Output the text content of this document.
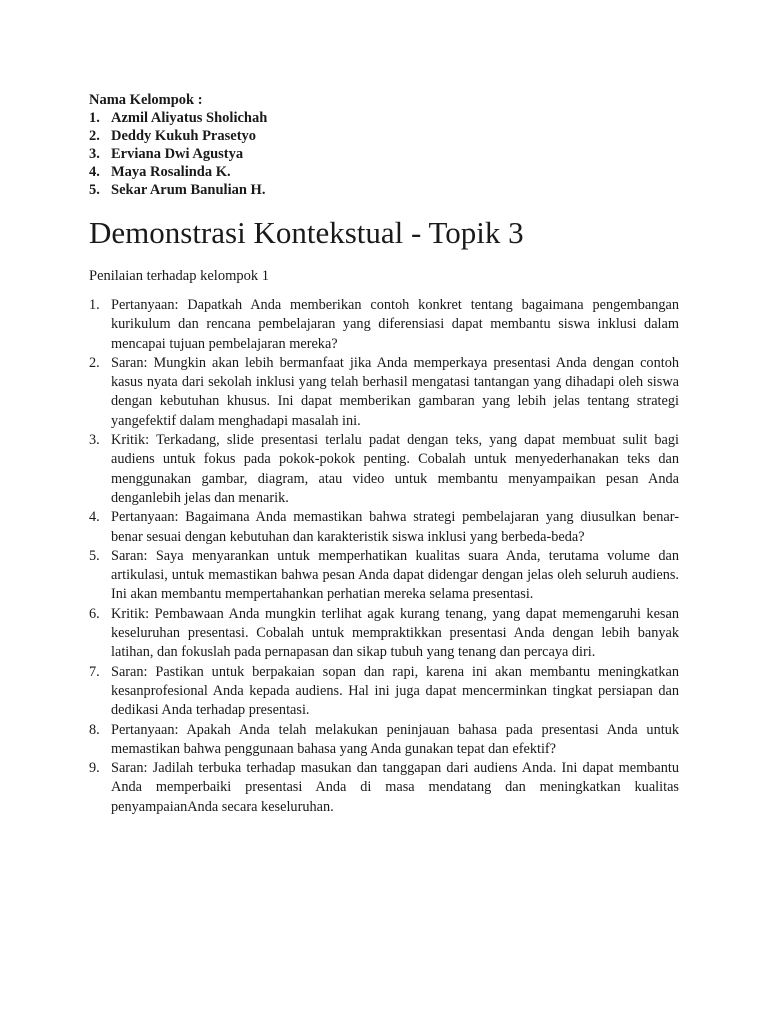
Nama Kelompok :
1. Azmil Aliyatus Sholichah
2. Deddy Kukuh Prasetyo
3. Erviana Dwi Agustya
4. Maya Rosalinda K.
5. Sekar Arum Banulian H.
Demonstrasi Kontekstual - Topik 3
Penilaian terhadap kelompok 1
1. Pertanyaan: Dapatkah Anda memberikan contoh konkret tentang bagaimana pengembangan kurikulum dan rencana pembelajaran yang diferensiasi dapat membantu siswa inklusi dalam mencapai tujuan pembelajaran mereka?
2. Saran: Mungkin akan lebih bermanfaat jika Anda memperkaya presentasi Anda dengan contoh kasus nyata dari sekolah inklusi yang telah berhasil mengatasi tantangan yang dihadapi oleh siswa dengan kebutuhan khusus. Ini dapat memberikan gambaran yang lebih jelas tentang strategi yangefektif dalam menghadapi masalah ini.
3. Kritik: Terkadang, slide presentasi terlalu padat dengan teks, yang dapat membuat sulit bagi audiens untuk fokus pada pokok-pokok penting. Cobalah untuk menyederhanakan teks dan menggunakan gambar, diagram, atau video untuk membantu menyampaikan pesan Anda denganlebih jelas dan menarik.
4. Pertanyaan: Bagaimana Anda memastikan bahwa strategi pembelajaran yang diusulkan benar-benar sesuai dengan kebutuhan dan karakteristik siswa inklusi yang berbeda-beda?
5. Saran: Saya menyarankan untuk memperhatikan kualitas suara Anda, terutama volume dan artikulasi, untuk memastikan bahwa pesan Anda dapat didengar dengan jelas oleh seluruh audiens. Ini akan membantu mempertahankan perhatian mereka selama presentasi.
6. Kritik: Pembawaan Anda mungkin terlihat agak kurang tenang, yang dapat memengaruhi kesan keseluruhan presentasi. Cobalah untuk mempraktikkan presentasi Anda dengan lebih banyak latihan, dan fokuslah pada pernapasan dan sikap tubuh yang tenang dan percaya diri.
7. Saran: Pastikan untuk berpakaian sopan dan rapi, karena ini akan membantu meningkatkan kesanprofesional Anda kepada audiens. Hal ini juga dapat mencerminkan tingkat persiapan dan dedikasi Anda terhadap presentasi.
8. Pertanyaan: Apakah Anda telah melakukan peninjauan bahasa pada presentasi Anda untuk memastikan bahwa penggunaan bahasa yang Anda gunakan tepat dan efektif?
9. Saran: Jadilah terbuka terhadap masukan dan tanggapan dari audiens Anda. Ini dapat membantu Anda memperbaiki presentasi Anda di masa mendatang dan meningkatkan kualitas penyampaianAnda secara keseluruhan.
